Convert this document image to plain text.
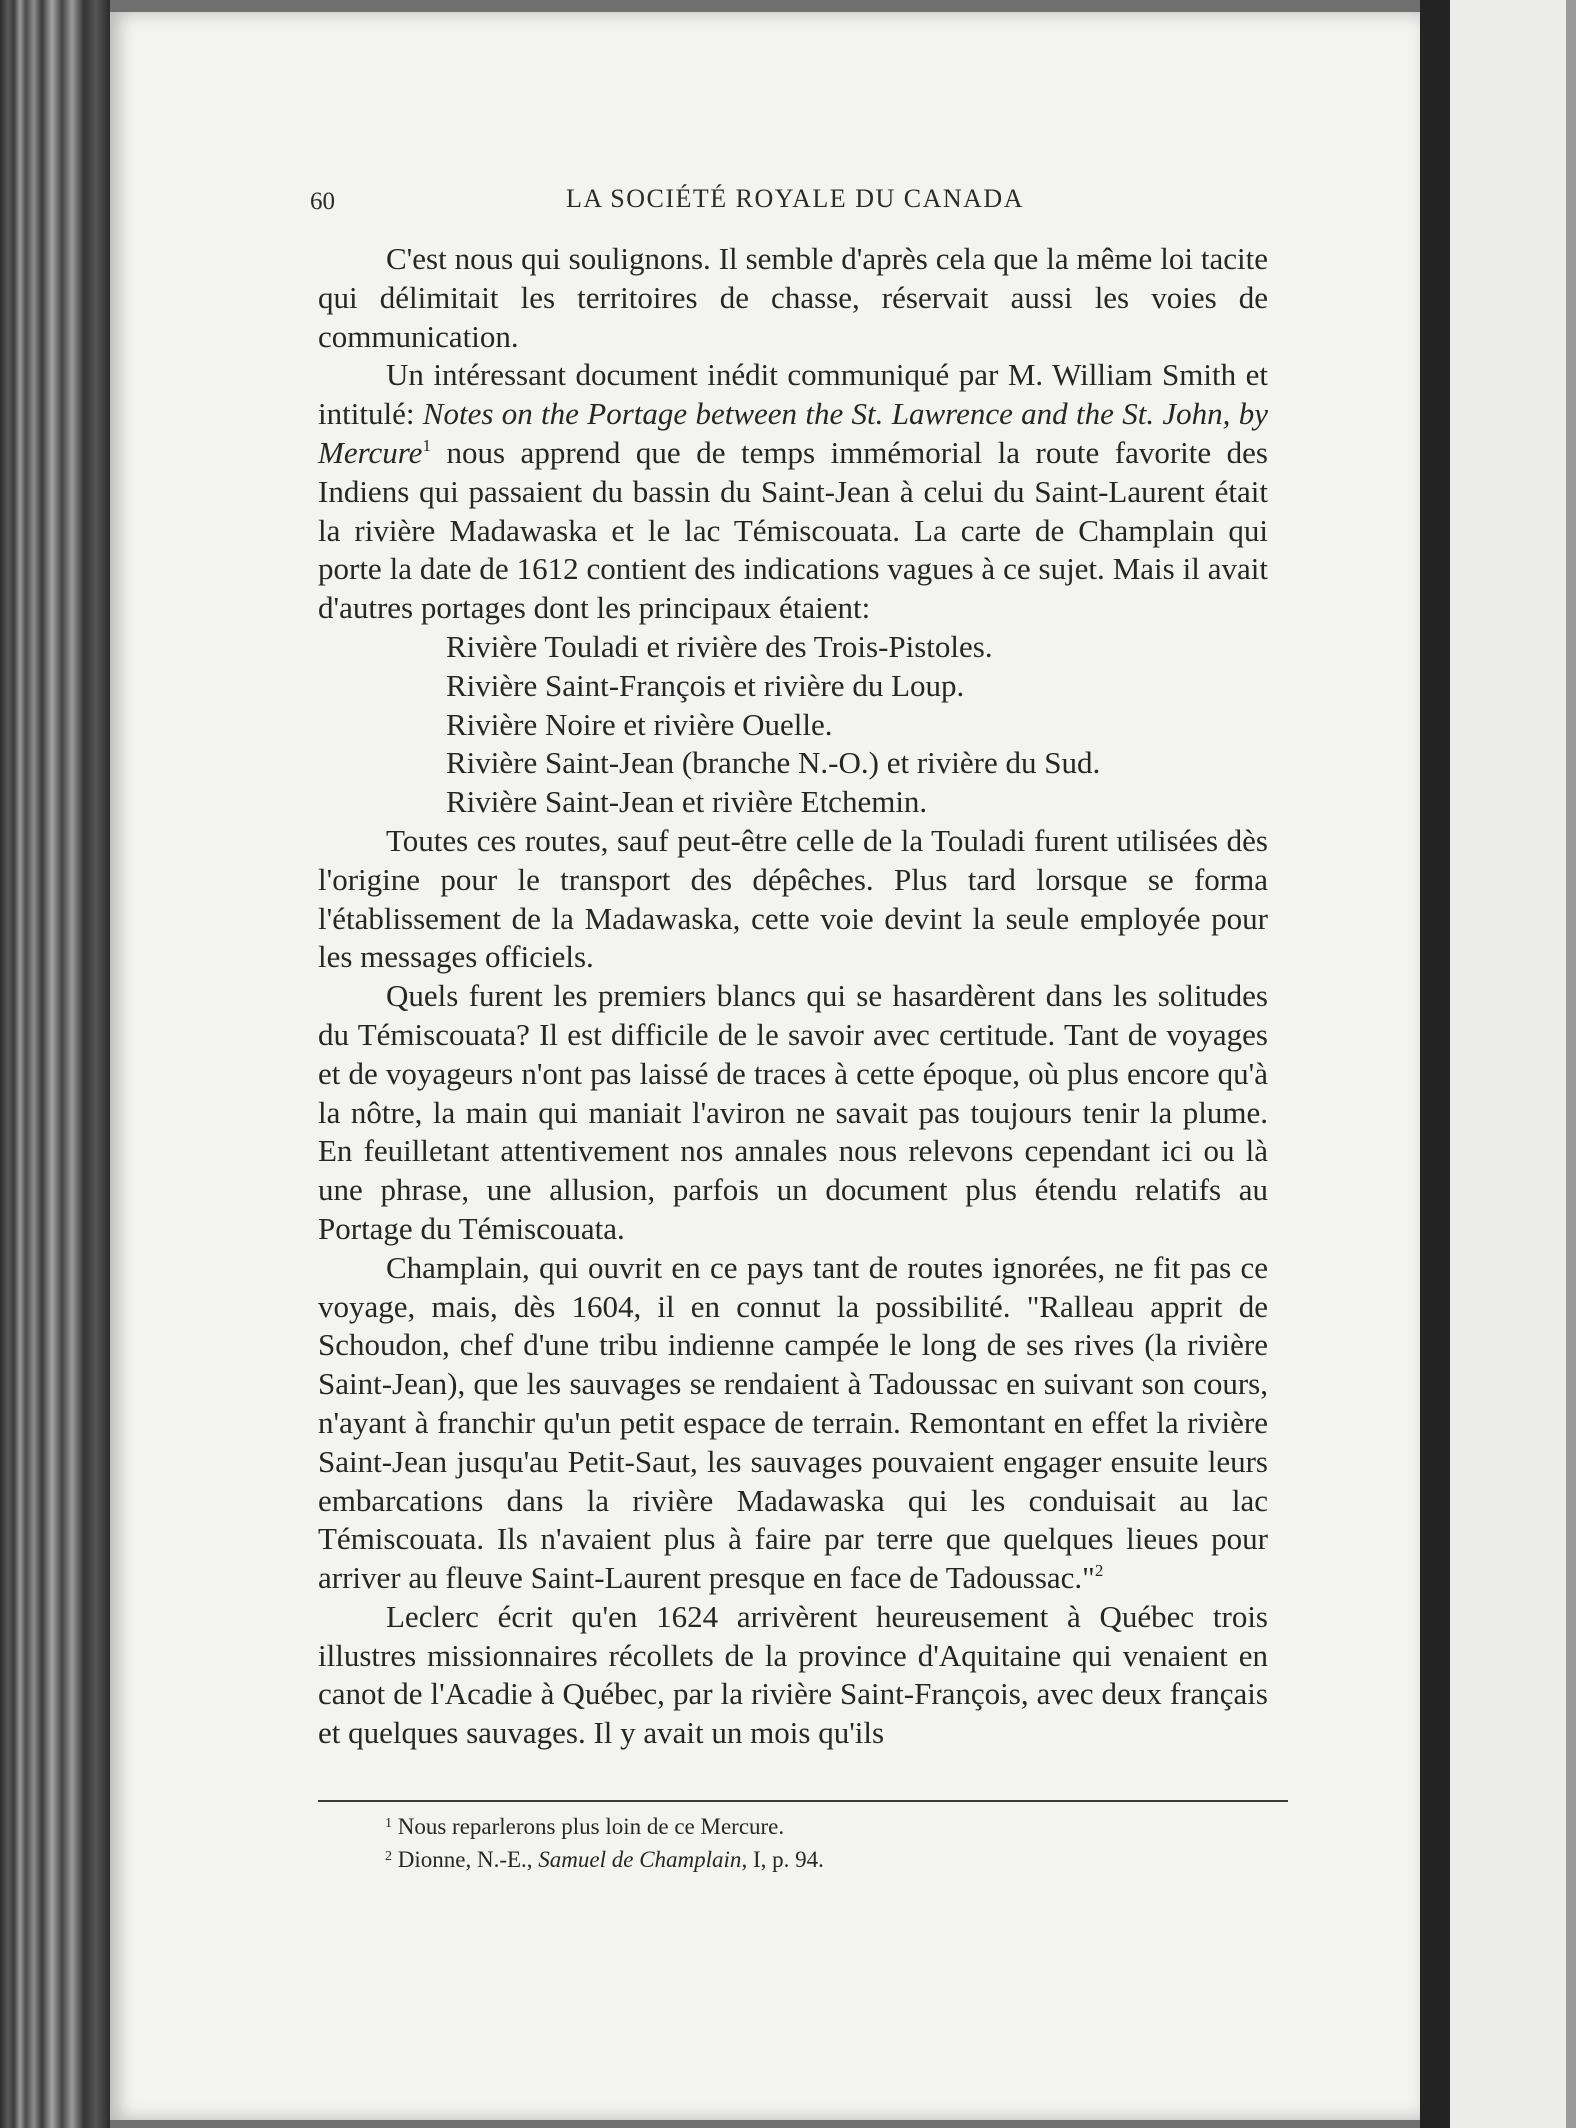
60	LA SOCIÉTÉ ROYALE DU CANADA

C'est nous qui soulignons. Il semble d'après cela que la même loi tacite qui délimitait les territoires de chasse, réservait aussi les voies de communication.

Un intéressant document inédit communiqué par M. William Smith et intitulé: Notes on the Portage between the St. Lawrence and the St. John, by Mercure$^1$ nous apprend que de temps immémorial la route favorite des Indiens qui passaient du bassin du Saint-Jean à celui du Saint-Laurent était la rivière Madawaska et le lac Témiscouata. La carte de Champlain qui porte la date de 1612 contient des indications vagues à ce sujet. Mais il avait d'autres portages dont les principaux étaient:

Rivière Touladi et rivière des Trois-Pistoles.
Rivière Saint-François et rivière du Loup.
Rivière Noire et rivière Ouelle.
Rivière Saint-Jean (branche N.-O.) et rivière du Sud.
Rivière Saint-Jean et rivière Etchemin.

Toutes ces routes, sauf peut-être celle de la Touladi furent utilisées dès l'origine pour le transport des dépêches. Plus tard lorsque se forma l'établissement de la Madawaska, cette voie devint la seule employée pour les messages officiels.

Quels furent les premiers blancs qui se hasardèrent dans les solitudes du Témiscouata? Il est difficile de le savoir avec certitude. Tant de voyages et de voyageurs n'ont pas laissé de traces à cette époque, où plus encore qu'à la nôtre, la main qui maniait l'aviron ne savait pas toujours tenir la plume. En feuilletant attentivement nos annales nous relevons cependant ici ou là une phrase, une allusion, parfois un document plus étendu relatifs au Portage du Témiscouata.

Champlain, qui ouvrit en ce pays tant de routes ignorées, ne fit pas ce voyage, mais, dès 1604, il en connut la possibilité. "Ralleau apprit de Schoudon, chef d'une tribu indienne campée le long de ses rives (la rivière Saint-Jean), que les sauvages se rendaient à Tadoussac en suivant son cours, n'ayant à franchir qu'un petit espace de terrain. Remontant en effet la rivière Saint-Jean jusqu'au Petit-Saut, les sauvages pouvaient engager ensuite leurs embarcations dans la rivière Madawaska qui les conduisait au lac Témiscouata. Ils n'avaient plus à faire par terre que quelques lieues pour arriver au fleuve Saint-Laurent presque en face de Tadoussac."$^2$

Leclerc écrit qu'en 1624 arrivèrent heureusement à Québec trois illustres missionnaires récollets de la province d'Aquitaine qui venaient en canot de l'Acadie à Québec, par la rivière Saint-François, avec deux français et quelques sauvages. Il y avait un mois qu'ils

$^1$ Nous reparlerons plus loin de ce Mercure.
$^2$ Dionne, N.-E., Samuel de Champlain, I, p. 94.
